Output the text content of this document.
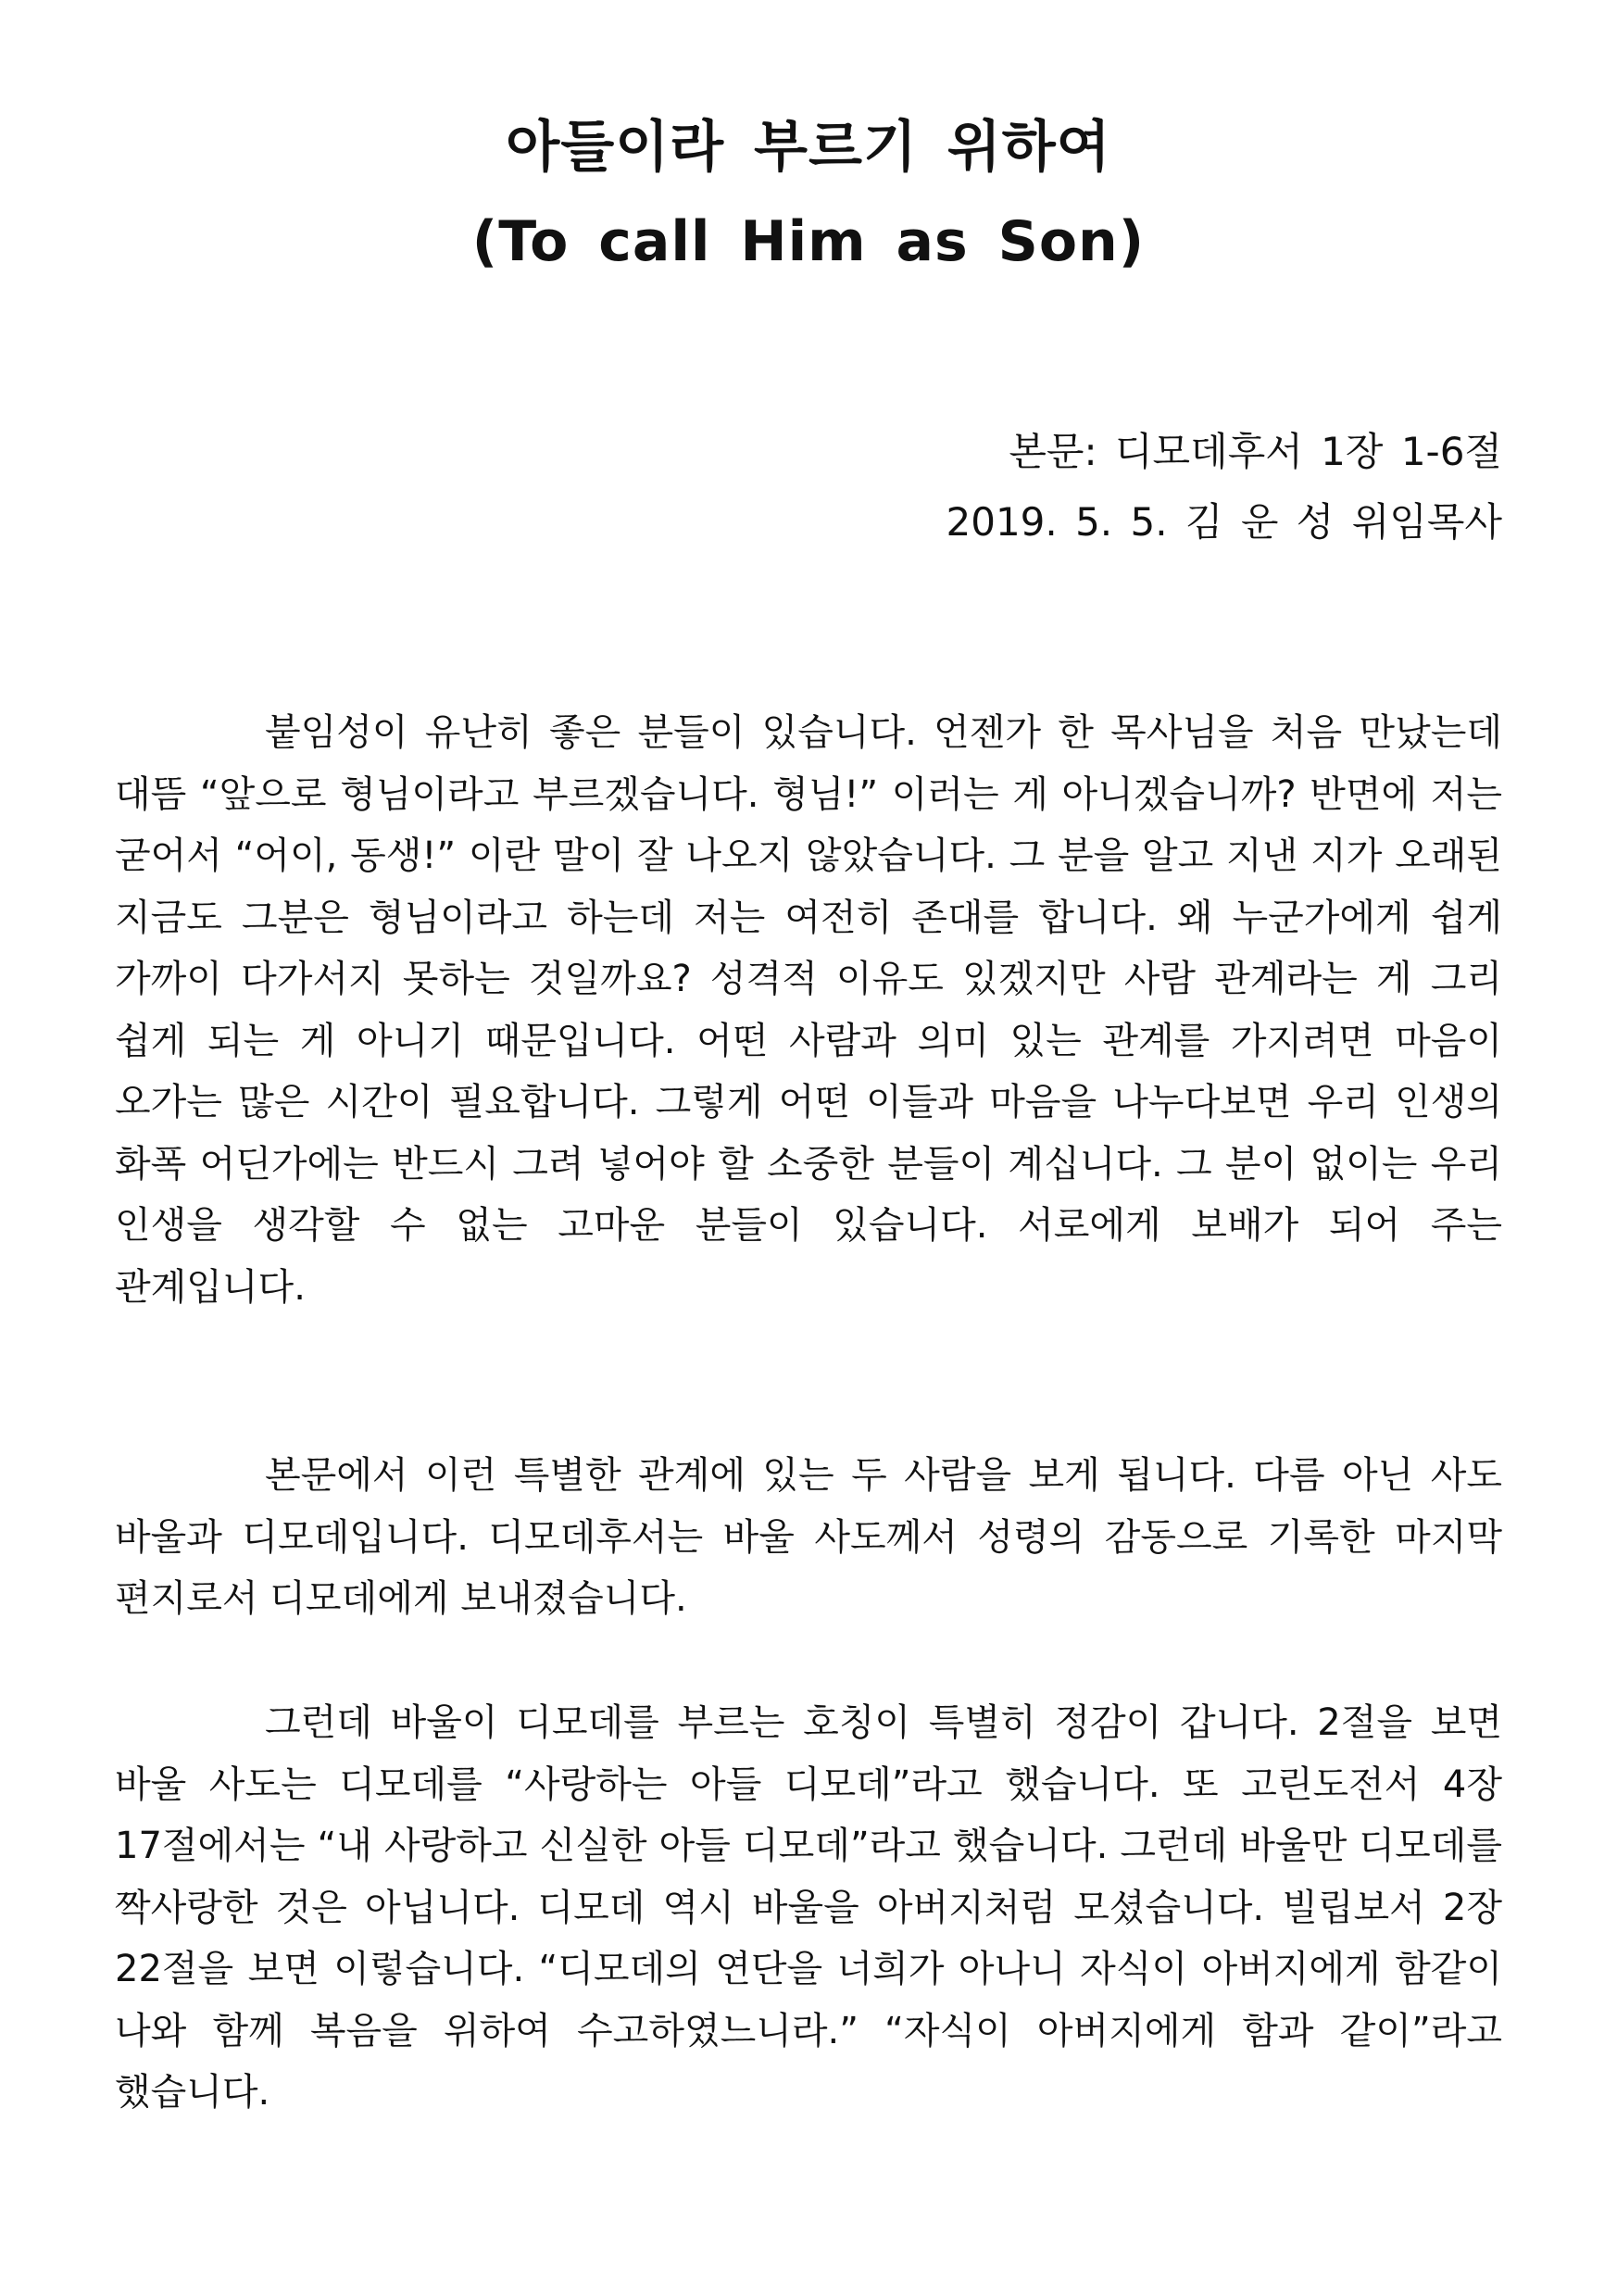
아들이라 부르기 위하여
(To call Him as Son)
본문: 디모데후서 1장 1-6절
2019. 5. 5. 김 운 성 위임목사

붙임성이 유난히 좋은 분들이 있습니다. 언젠가 한 목사님을 처음 만났는데 대뜸 “앞으로 형님이라고 부르겠습니다. 형님!” 이러는 게 아니겠습니까? 반면에 저는 굳어서 “어이, 동생!” 이란 말이 잘 나오지 않았습니다. 그 분을 알고 지낸 지가 오래된 지금도 그분은 형님이라고 하는데 저는 여전히 존대를 합니다. 왜 누군가에게 쉽게 가까이 다가서지 못하는 것일까요? 성격적 이유도 있겠지만 사람 관계라는 게 그리 쉽게 되는 게 아니기 때문입니다. 어떤 사람과 의미 있는 관계를 가지려면 마음이 오가는 많은 시간이 필요합니다. 그렇게 어떤 이들과 마음을 나누다보면 우리 인생의 화폭 어딘가에는 반드시 그려 넣어야 할 소중한 분들이 계십니다. 그 분이 없이는 우리 인생을 생각할 수 없는 고마운 분들이 있습니다. 서로에게 보배가 되어 주는 관계입니다.

본문에서 이런 특별한 관계에 있는 두 사람을 보게 됩니다. 다름 아닌 사도 바울과 디모데입니다. 디모데후서는 바울 사도께서 성령의 감동으로 기록한 마지막 편지로서 디모데에게 보내졌습니다.

그런데 바울이 디모데를 부르는 호칭이 특별히 정감이 갑니다. 2절을 보면 바울 사도는 디모데를 “사랑하는 아들 디모데”라고 했습니다. 또 고린도전서 4장 17절에서는 “내 사랑하고 신실한 아들 디모데”라고 했습니다. 그런데 바울만 디모데를 짝사랑한 것은 아닙니다. 디모데 역시 바울을 아버지처럼 모셨습니다. 빌립보서 2장 22절을 보면 이렇습니다. “디모데의 연단을 너희가 아나니 자식이 아버지에게 함같이 나와 함께 복음을 위하여 수고하였느니라.” “자식이 아버지에게 함과 같이”라고 했습니다.
